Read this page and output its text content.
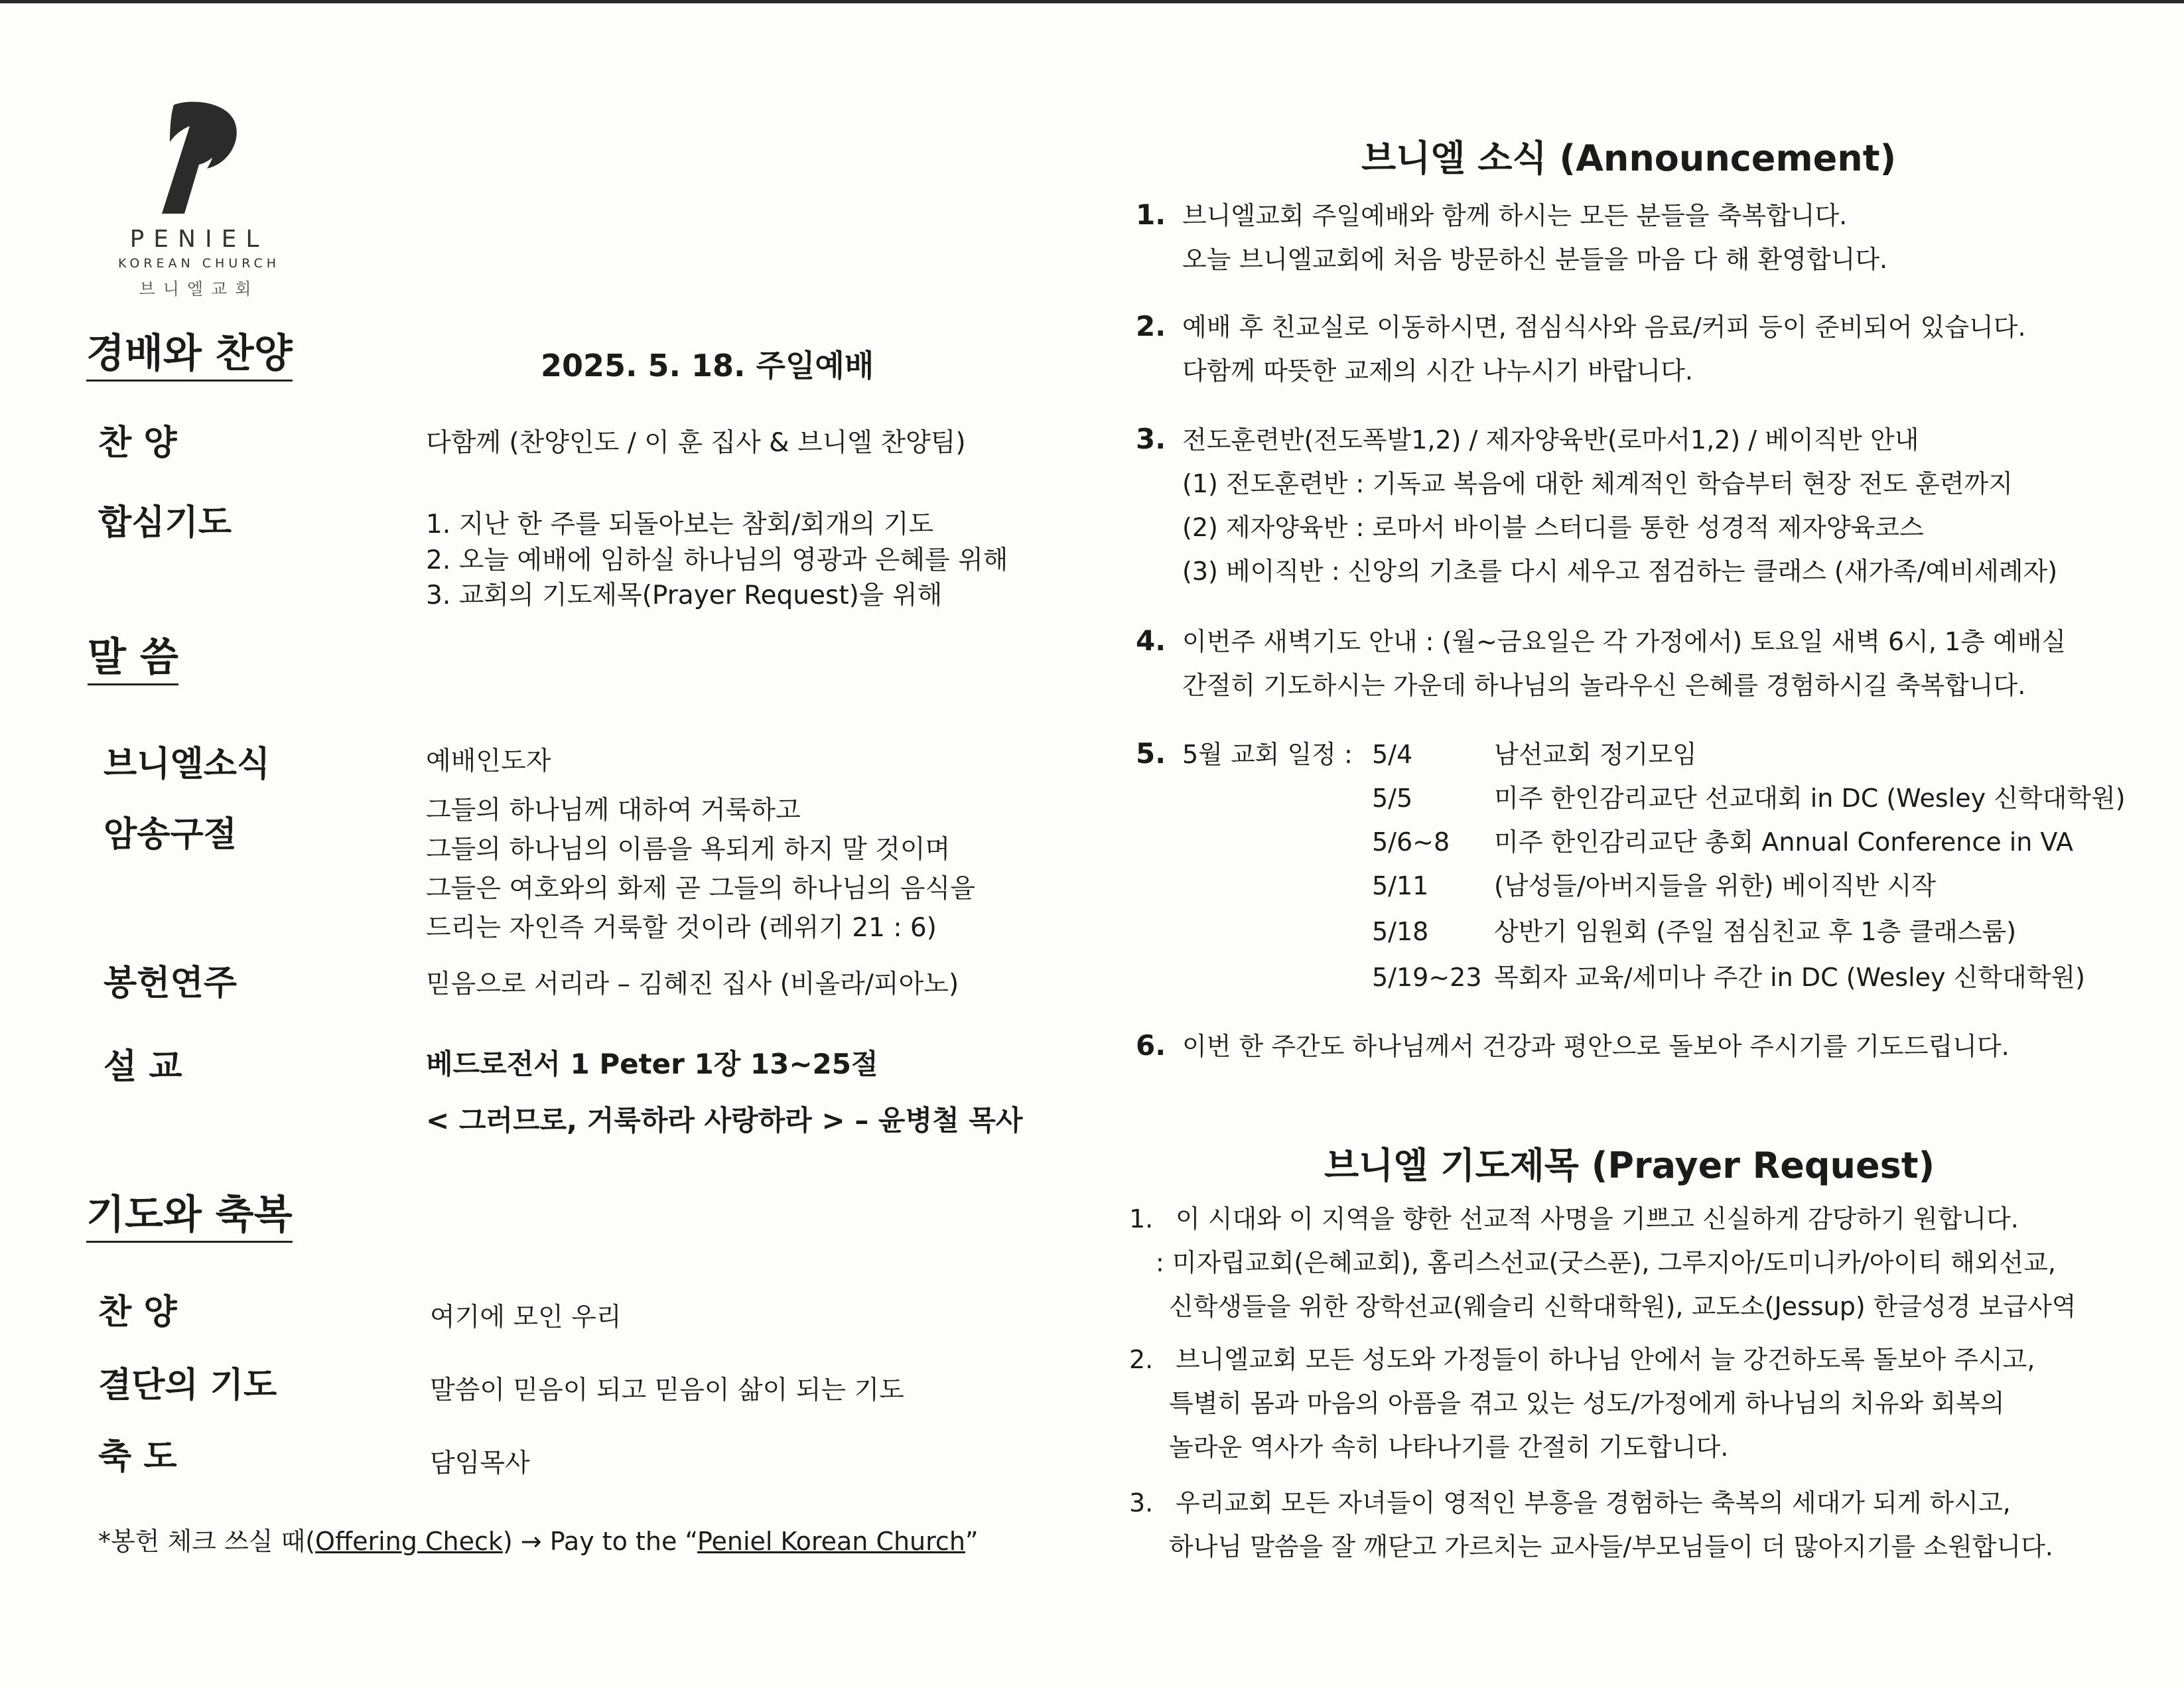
PENIEL
KOREAN CHURCH
브니엘교회
경배와 찬양	2025. 5. 18. 주일예배
찬 양	다함께 (찬양인도 / 이 훈 집사 & 브니엘 찬양팀)
합심기도	1. 지난 한 주를 되돌아보는 참회/회개의 기도
2. 오늘 예배에 임하실 하나님의 영광과 은혜를 위해
3. 교회의 기도제목(Prayer Request)을 위해
말 씀
브니엘소식	예배인도자
암송구절
그들의 하나님께 대하여 거룩하고
그들의 하나님의 이름을 욕되게 하지 말 것이며
그들은 여호와의 화제 곧 그들의 하나님의 음식을
드리는 자인즉 거룩할 것이라 (레위기 21 : 6)
봉헌연주	믿음으로 서리라 – 김혜진 집사 (비올라/피아노)
설 교	베드로전서 1 Peter 1장 13~25절
< 그러므로, 거룩하라 사랑하라 > – 윤병철 목사
기도와 축복
찬 양	여기에 모인 우리
결단의 기도	말씀이 믿음이 되고 믿음이 삶이 되는 기도
축 도	담임목사
*봉헌 체크 쓰실 때(Offering Check) → Pay to the “Peniel Korean Church”
브니엘 소식 (Announcement)
1. 브니엘교회 주일예배와 함께 하시는 모든 분들을 축복합니다.
오늘 브니엘교회에 처음 방문하신 분들을 마음 다 해 환영합니다.
2. 예배 후 친교실로 이동하시면, 점심식사와 음료/커피 등이 준비되어 있습니다.
다함께 따뜻한 교제의 시간 나누시기 바랍니다.
3. 전도훈련반(전도폭발1,2) / 제자양육반(로마서1,2) / 베이직반 안내
(1) 전도훈련반 : 기독교 복음에 대한 체계적인 학습부터 현장 전도 훈련까지
(2) 제자양육반 : 로마서 바이블 스터디를 통한 성경적 제자양육코스
(3) 베이직반 : 신앙의 기초를 다시 세우고 점검하는 클래스 (새가족/예비세례자)
4. 이번주 새벽기도 안내 : (월~금요일은 각 가정에서) 토요일 새벽 6시, 1층 예배실
간절히 기도하시는 가운데 하나님의 놀라우신 은혜를 경험하시길 축복합니다.
5. 5월 교회 일정 : 5/4	남선교회 정기모임
5/5	미주 한인감리교단 선교대회 in DC (Wesley 신학대학원)
5/6~8 미주 한인감리교단 총회 Annual Conference in VA
5/11	(남성들/아버지들을 위한) 베이직반 시작
5/18	상반기 임원회 (주일 점심친교 후 1층 클래스룸)
5/19~23 목회자 교육/세미나 주간 in DC (Wesley 신학대학원)
6. 이번 한 주간도 하나님께서 건강과 평안으로 돌보아 주시기를 기도드립니다.
브니엘 기도제목 (Prayer Request)
1. 이 시대와 이 지역을 향한 선교적 사명을 기쁘고 신실하게 감당하기 원합니다.
: 미자립교회(은혜교회), 홈리스선교(굿스푼), 그루지아/도미니카/아이티 해외선교,
신학생들을 위한 장학선교(웨슬리 신학대학원), 교도소(Jessup) 한글성경 보급사역
2. 브니엘교회 모든 성도와 가정들이 하나님 안에서 늘 강건하도록 돌보아 주시고,
특별히 몸과 마음의 아픔을 겪고 있는 성도/가정에게 하나님의 치유와 회복의
놀라운 역사가 속히 나타나기를 간절히 기도합니다.
3. 우리교회 모든 자녀들이 영적인 부흥을 경험하는 축복의 세대가 되게 하시고,
하나님 말씀을 잘 깨닫고 가르치는 교사들/부모님들이 더 많아지기를 소원합니다.
